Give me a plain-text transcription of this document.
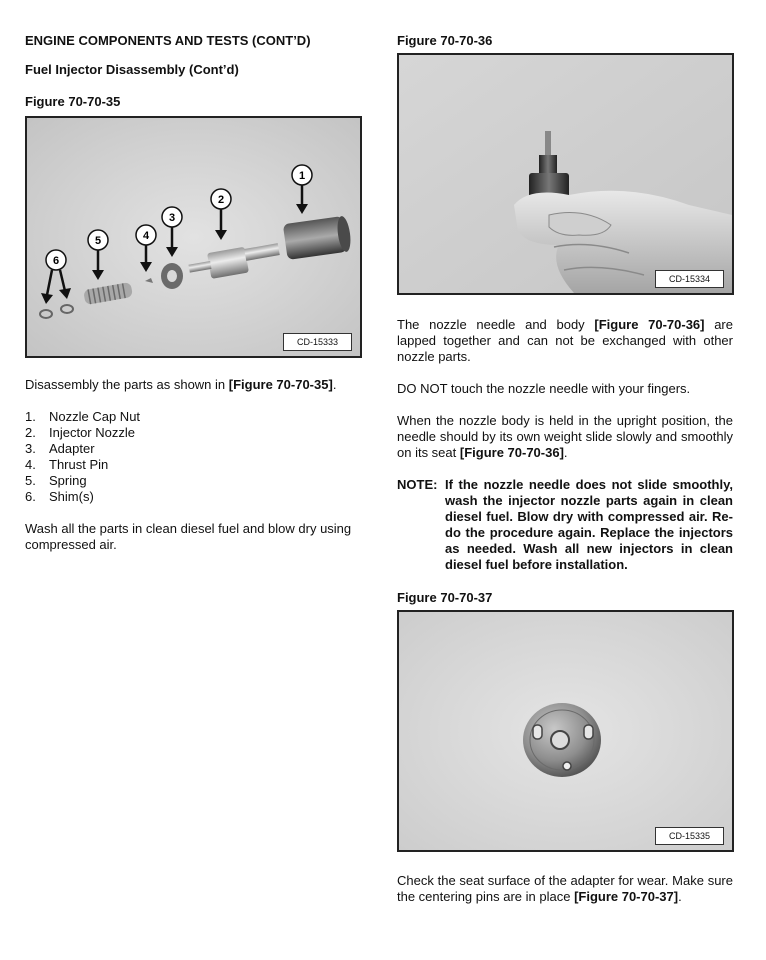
ENGINE COMPONENTS AND TESTS (CONT’D)
Fuel Injector Disassembly (Cont’d)
Figure 70-70-35
1
2
3
4
5
6
CD-15333
Disassembly the parts as shown in [Figure 70-70-35].
1. Nozzle Cap Nut
2. Injector Nozzle
3. Adapter
4. Thrust Pin
5. Spring
6. Shim(s)
Wash all the parts in clean diesel fuel and blow dry using compressed air.
Figure 70-70-36
CD-15334
The nozzle needle and body [Figure 70-70-36] are lapped together and can not be exchanged with other nozzle parts.
DO NOT touch the nozzle needle with your fingers.
When the nozzle body is held in the upright position, the needle should by its own weight slide slowly and smoothly on its seat [Figure 70-70-36].
NOTE: If the nozzle needle does not slide smoothly, wash the injector nozzle parts again in clean diesel fuel. Blow dry with compressed air. Re-do the procedure again. Replace the injectors as needed. Wash all new injectors in clean diesel fuel before installation.
Figure 70-70-37
CD-15335
Check the seat surface of the adapter for wear. Make sure the centering pins are in place [Figure 70-70-37].
